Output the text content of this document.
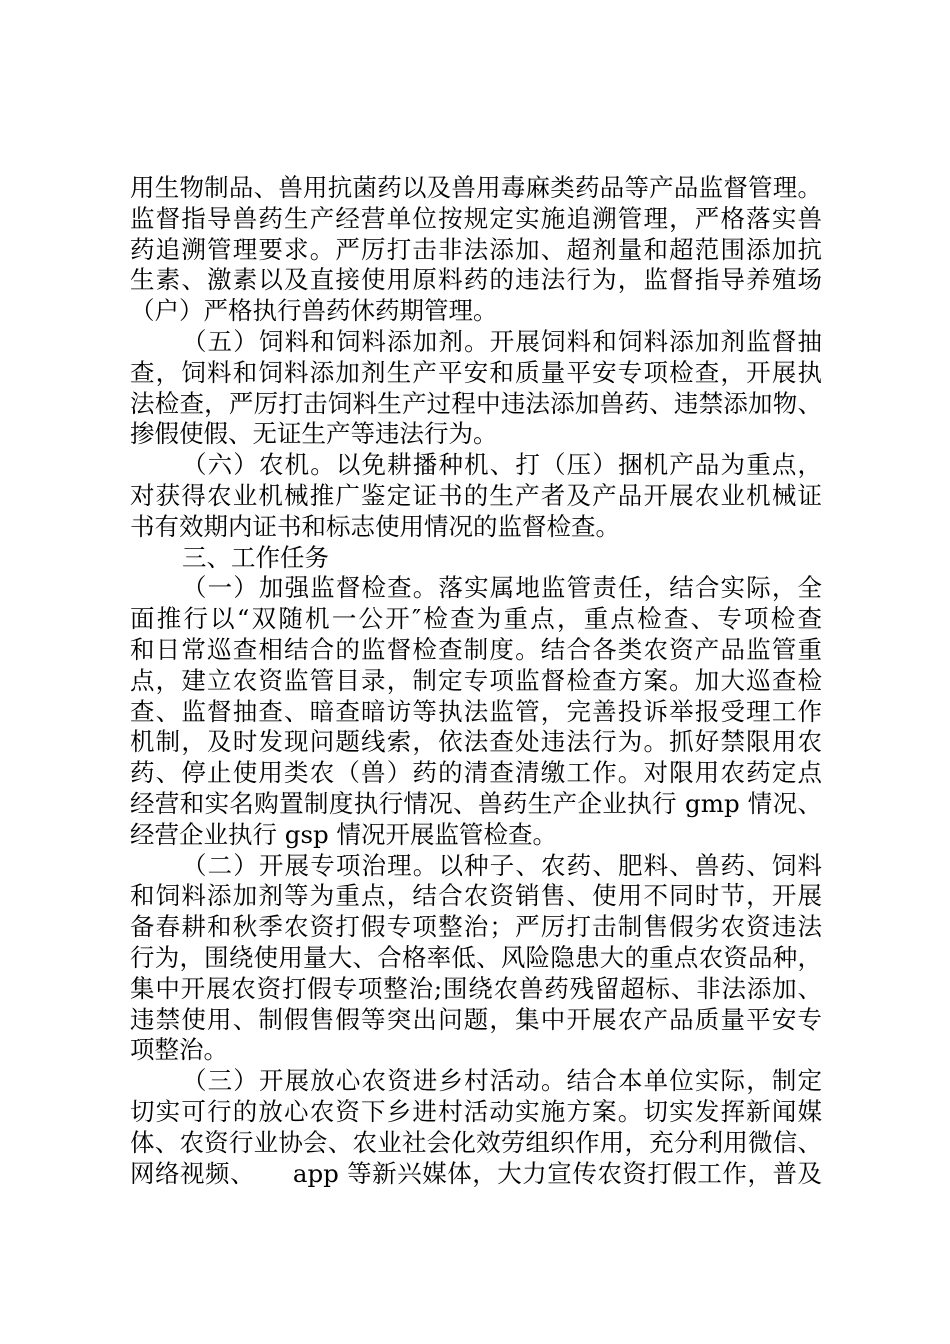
用生物制品、兽用抗菌药以及兽用毒麻类药品等产品监督管理。
监督指导兽药生产经营单位按规定实施追溯管理，严格落实兽
药追溯管理要求。严厉打击非法添加、超剂量和超范围添加抗
生素、激素以及直接使用原料药的违法行为，监督指导养殖场
（户）严格执行兽药休药期管理。
（五）饲料和饲料添加剂。开展饲料和饲料添加剂监督抽
查，饲料和饲料添加剂生产平安和质量平安专项检查，开展执
法检查，严厉打击饲料生产过程中违法添加兽药、违禁添加物、
掺假使假、无证生产等违法行为。
（六）农机。以免耕播种机、打（压）捆机产品为重点，
对获得农业机械推广鉴定证书的生产者及产品开展农业机械证
书有效期内证书和标志使用情况的监督检查。
三、工作任务
（一）加强监督检查。落实属地监管责任，结合实际，全
面推行以“双随机一公开″检查为重点，重点检查、专项检查
和日常巡查相结合的监督检查制度。结合各类农资产品监管重
点，建立农资监管目录，制定专项监督检查方案。加大巡查检
查、监督抽查、暗查暗访等执法监管，完善投诉举报受理工作
机制，及时发现问题线索，依法查处违法行为。抓好禁限用农
药、停止使用类农（兽）药的清查清缴工作。对限用农药定点
经营和实名购置制度执行情况、兽药生产企业执行 gmp 情况、
经营企业执行 gsp 情况开展监管检查。
（二）开展专项治理。以种子、农药、肥料、兽药、饲料
和饲料添加剂等为重点，结合农资销售、使用不同时节，开展
备春耕和秋季农资打假专项整治；严厉打击制售假劣农资违法
行为，围绕使用量大、合格率低、风险隐患大的重点农资品种，
集中开展农资打假专项整治;围绕农兽药残留超标、非法添加、
违禁使用、制假售假等突出问题，集中开展农产品质量平安专
项整治。
（三）开展放心农资进乡村活动。结合本单位实际，制定
切实可行的放心农资下乡进村活动实施方案。切实发挥新闻媒
体、农资行业协会、农业社会化效劳组织作用，充分利用微信、
网络视频、　　app 等新兴媒体，大力宣传农资打假工作，普及
